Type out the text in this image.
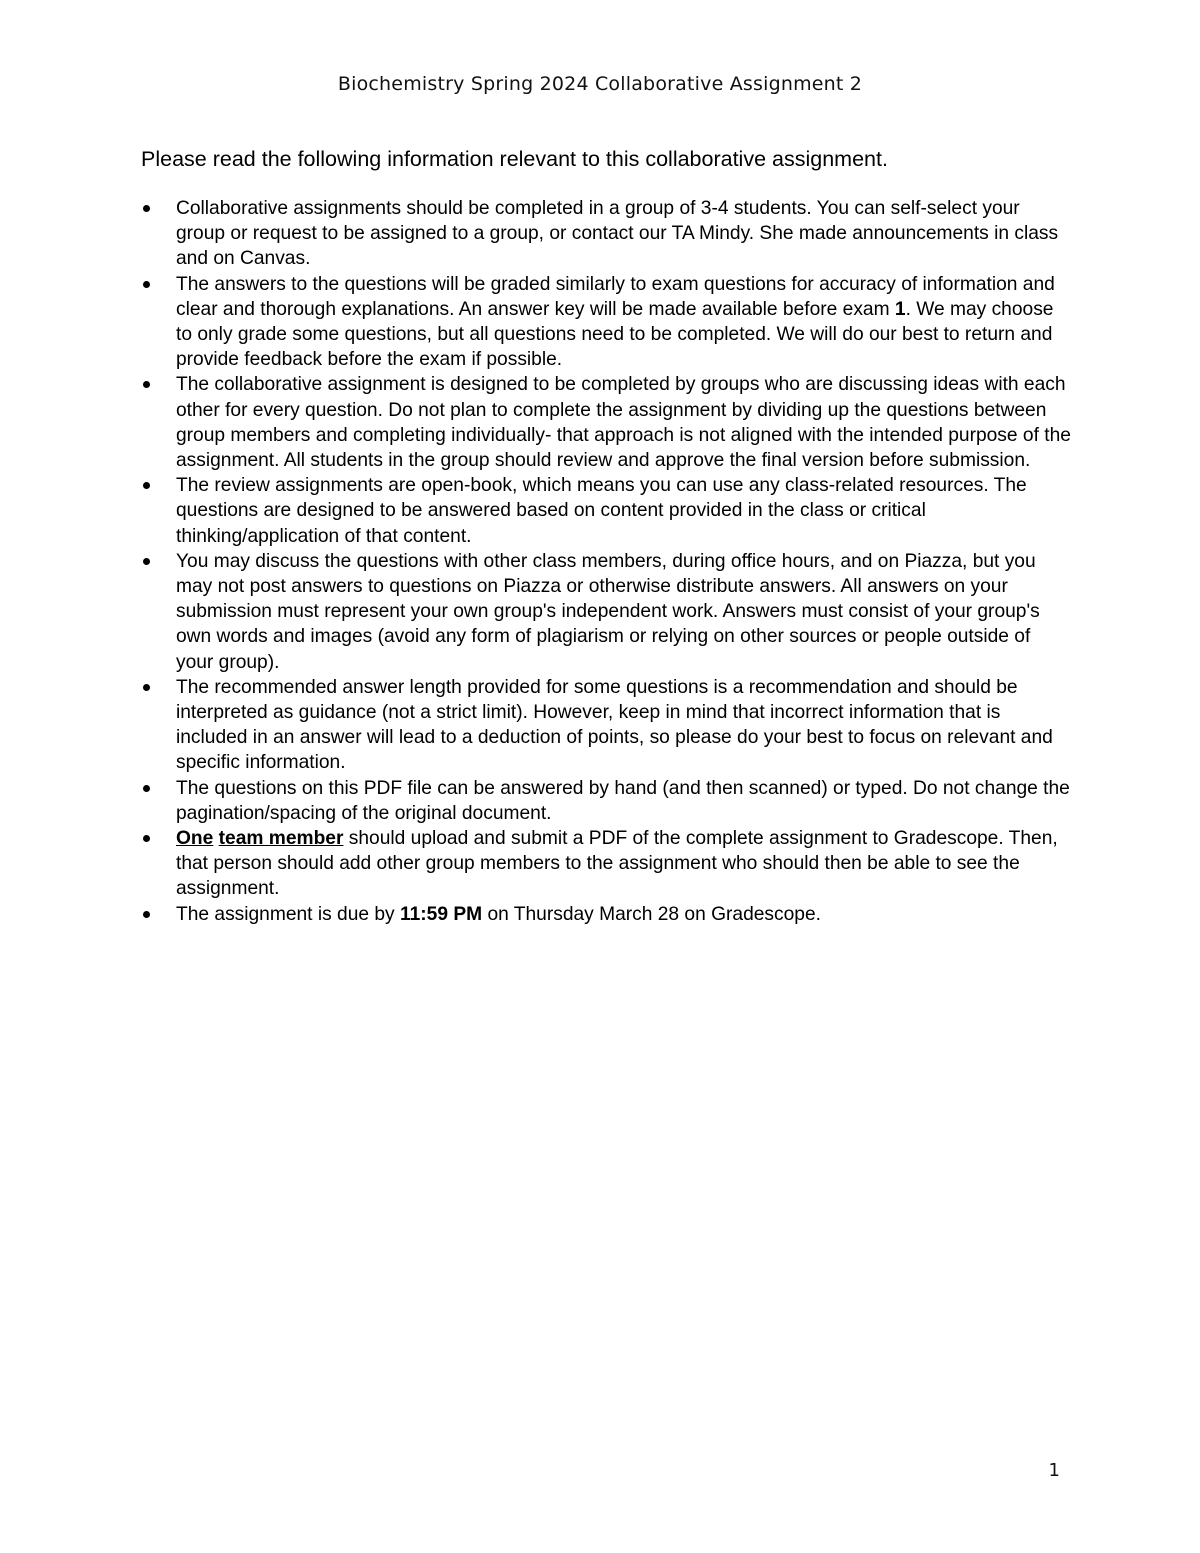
Biochemistry Spring 2024 Collaborative Assignment 2
Please read the following information relevant to this collaborative assignment.
Collaborative assignments should be completed in a group of 3-4 students. You can self-select your group or request to be assigned to a group, or contact our TA Mindy. She made announcements in class and on Canvas.
The answers to the questions will be graded similarly to exam questions for accuracy of information and clear and thorough explanations. An answer key will be made available before exam 1. We may choose to only grade some questions, but all questions need to be completed. We will do our best to return and provide feedback before the exam if possible.
The collaborative assignment is designed to be completed by groups who are discussing ideas with each other for every question. Do not plan to complete the assignment by dividing up the questions between group members and completing individually- that approach is not aligned with the intended purpose of the assignment. All students in the group should review and approve the final version before submission.
The review assignments are open-book, which means you can use any class-related resources. The questions are designed to be answered based on content provided in the class or critical thinking/application of that content.
You may discuss the questions with other class members, during office hours, and on Piazza, but you may not post answers to questions on Piazza or otherwise distribute answers. All answers on your submission must represent your own group's independent work. Answers must consist of your group's own words and images (avoid any form of plagiarism or relying on other sources or people outside of your group).
The recommended answer length provided for some questions is a recommendation and should be interpreted as guidance (not a strict limit). However, keep in mind that incorrect information that is included in an answer will lead to a deduction of points, so please do your best to focus on relevant and specific information.
The questions on this PDF file can be answered by hand (and then scanned) or typed. Do not change the pagination/spacing of the original document.
One team member should upload and submit a PDF of the complete assignment to Gradescope. Then, that person should add other group members to the assignment who should then be able to see the assignment.
The assignment is due by 11:59 PM on Thursday March 28 on Gradescope.
1
